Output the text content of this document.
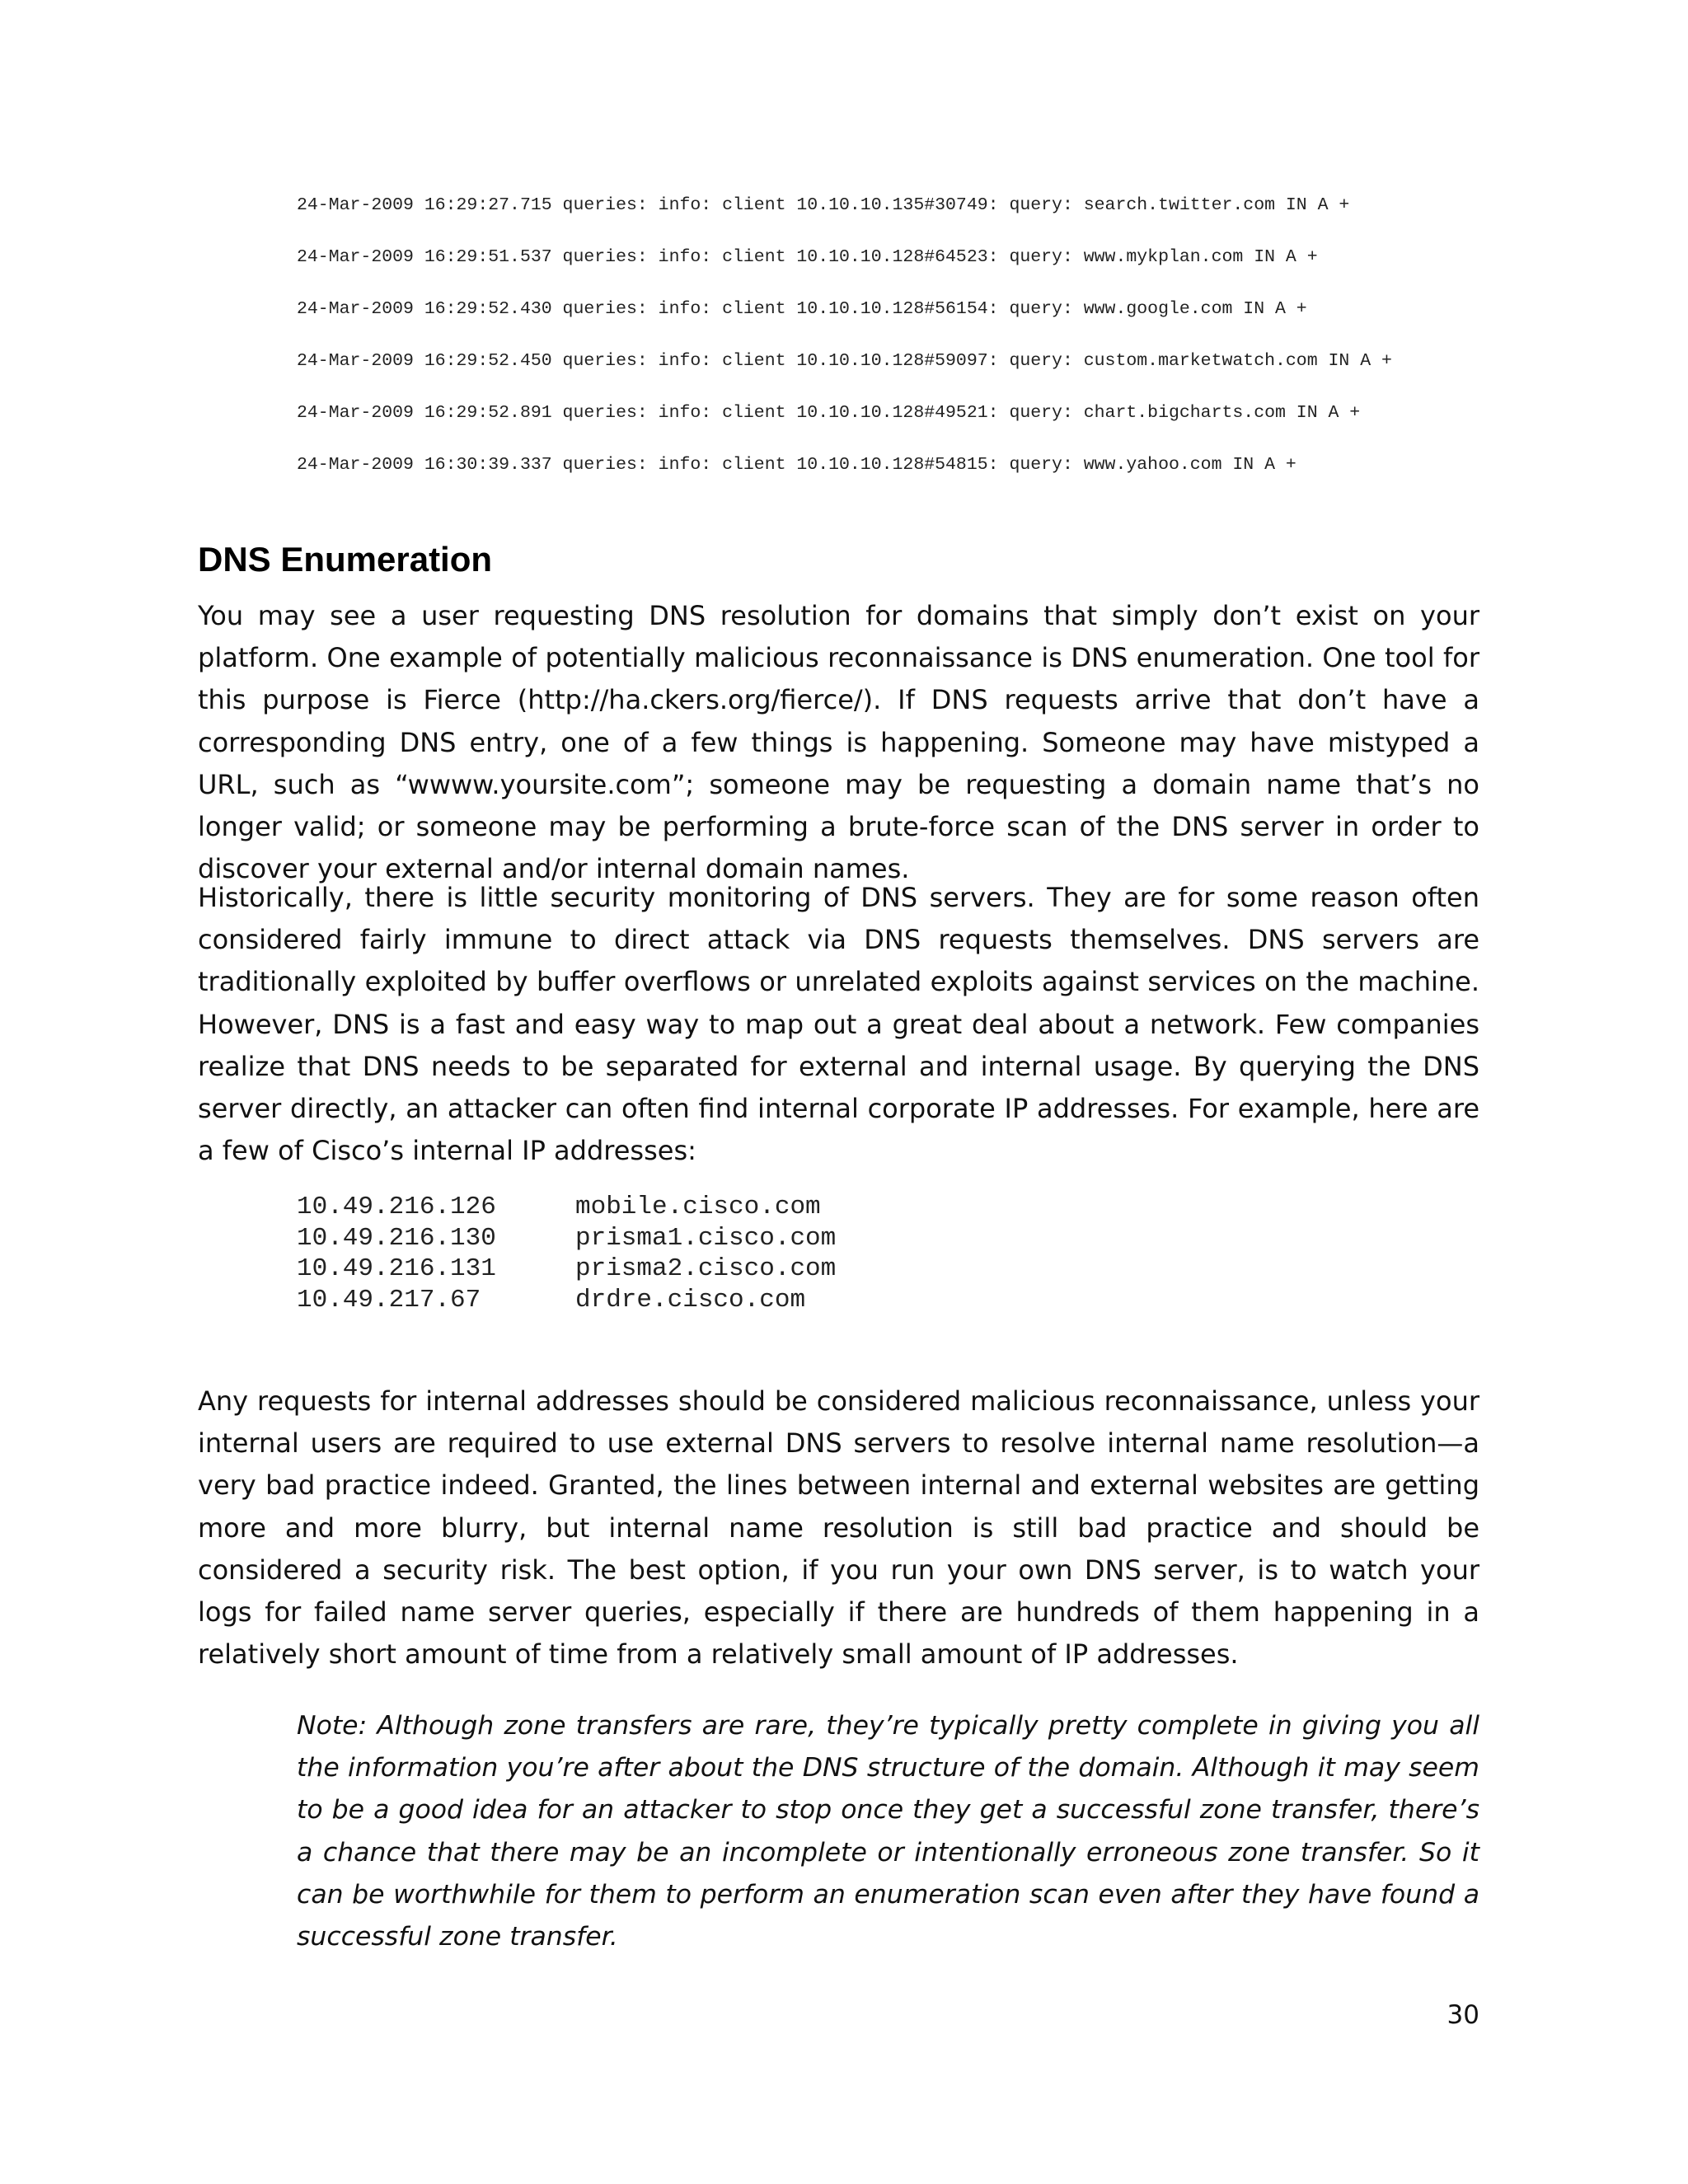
24-Mar-2009 16:29:27.715 queries: info: client 10.10.10.135#30749: query: search.twitter.com IN A +
24-Mar-2009 16:29:51.537 queries: info: client 10.10.10.128#64523: query: www.mykplan.com IN A +
24-Mar-2009 16:29:52.430 queries: info: client 10.10.10.128#56154: query: www.google.com IN A +
24-Mar-2009 16:29:52.450 queries: info: client 10.10.10.128#59097: query: custom.marketwatch.com IN A +
24-Mar-2009 16:29:52.891 queries: info: client 10.10.10.128#49521: query: chart.bigcharts.com IN A +
24-Mar-2009 16:30:39.337 queries: info: client 10.10.10.128#54815: query: www.yahoo.com IN A +
DNS Enumeration

You may see a user requesting DNS resolution for domains that simply don’t exist on your platform. One example of potentially malicious reconnaissance is DNS enumeration. One tool for this purpose is Fierce (http://ha.ckers.org/fierce/). If DNS requests arrive that don’t have a corresponding DNS entry, one of a few things is happening. Someone may have mistyped a URL, such as “wwww.yoursite.com”; someone may be requesting a domain name that’s no longer valid; or someone may be performing a brute-force scan of the DNS server in order to discover your external and/or internal domain names.

Historically, there is little security monitoring of DNS servers. They are for some reason often considered fairly immune to direct attack via DNS requests themselves. DNS servers are traditionally exploited by buffer overflows or unrelated exploits against services on the machine. However, DNS is a fast and easy way to map out a great deal about a network. Few companies realize that DNS needs to be separated for external and internal usage. By querying the DNS server directly, an attacker can often find internal corporate IP addresses. For example, here are a few of Cisco’s internal IP addresses:

10.49.216.126	mobile.cisco.com
10.49.216.130	prisma1.cisco.com
10.49.216.131	prisma2.cisco.com
10.49.217.67	drdre.cisco.com

Any requests for internal addresses should be considered malicious reconnaissance, unless your internal users are required to use external DNS servers to resolve internal name resolution—a very bad practice indeed. Granted, the lines between internal and external websites are getting more and more blurry, but internal name resolution is still bad practice and should be considered a security risk. The best option, if you run your own DNS server, is to watch your logs for failed name server queries, especially if there are hundreds of them happening in a relatively short amount of time from a relatively small amount of IP addresses.

Note: Although zone transfers are rare, they’re typically pretty complete in giving you all the information you’re after about the DNS structure of the domain. Although it may seem to be a good idea for an attacker to stop once they get a successful zone transfer, there’s a chance that there may be an incomplete or intentionally erroneous zone transfer. So it can be worthwhile for them to perform an enumeration scan even after they have found a successful zone transfer.

30
